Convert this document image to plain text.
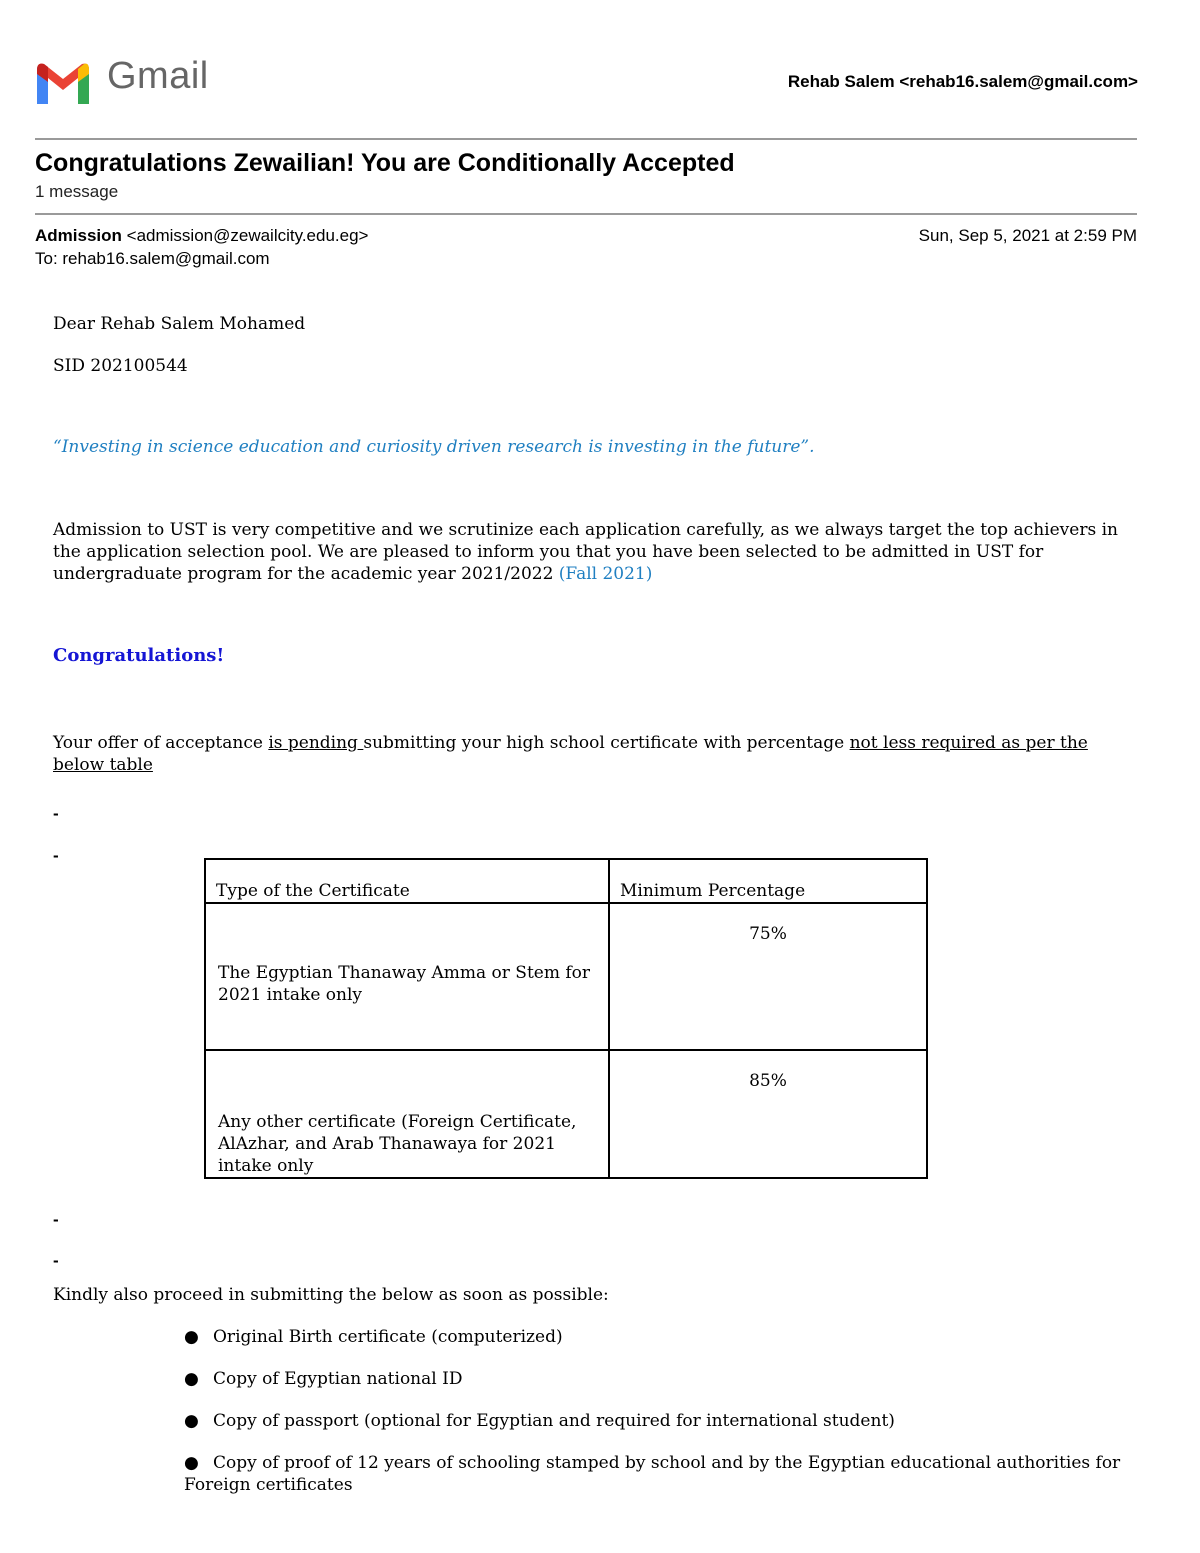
Gmail	Rehab Salem <rehab16.salem@gmail.com>
Congratulations Zewailian! You are Conditionally Accepted
1 message
Admission <admission@zewailcity.edu.eg>	Sun, Sep 5, 2021 at 2:59 PM
To: rehab16.salem@gmail.com
Dear Rehab Salem Mohamed
SID 202100544
“Investing in science education and curiosity driven research is investing in the future”.
Admission to UST is very competitive and we scrutinize each application carefully, as we always target the top achievers in the application selection pool. We are pleased to inform you that you have been selected to be admitted in UST for undergraduate program for the academic year 2021/2022 (Fall 2021)
Congratulations!
Your offer of acceptance is pending submitting your high school certificate with percentage not less required as per the below table
-
-
Type of the Certificate	Minimum Percentage

The Egyptian Thanaway Amma or Stem for 2021 intake only	75%

Any other certificate (Foreign Certificate, AlAzhar, and Arab Thanawaya for 2021 intake only	85%
-
-
Kindly also proceed in submitting the below as soon as possible:
● Original Birth certificate (computerized)
● Copy of Egyptian national ID
● Copy of passport (optional for Egyptian and required for international student)
● Copy of proof of 12 years of schooling stamped by school and by the Egyptian educational authorities for Foreign certificates
